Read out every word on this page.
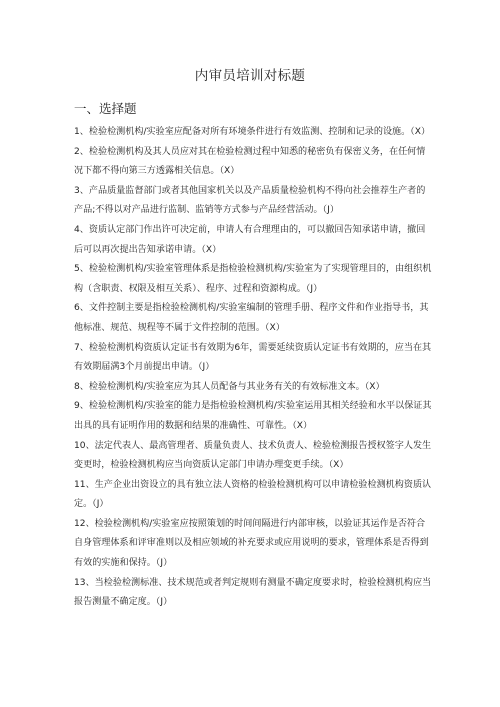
内审员培训对标题
一、选择题
1、检验检测机构/实验室应配备对所有环境条件进行有效监测、控制和记录的设施。（X）
2、检验检测机构及其人员应对其在检验检测过程中知悉的秘密负有保密义务，在任何情况下都不得向第三方透露相关信息。（X）
3、产品质量监督部门或者其他国家机关以及产品质量检验机构不得向社会推荐生产者的产品;不得以对产品进行监制、监销等方式参与产品经营活动。（J）
4、资质认定部门作出许可决定前，申请人有合理理由的，可以撤回告知承诺申请，撤回后可以再次提出告知承诺申请。（X）
5、检验检测机构/实验室管理体系是指检验检测机构/实验室为了实现管理目的，由组织机构（含职责、权限及相互关系）、程序、过程和资源构成。（J）
6、文件控制主要是指检验检测机构/实验室编制的管理手册、程序文件和作业指导书，其他标准、规范、规程等不属于文件控制的范围。（X）
7、检验检测机构资质认定证书有效期为6年，需要延续资质认定证书有效期的，应当在其有效期届满3个月前提出申请。（J）
8、检验检测机构/实验室应为其人员配备与其业务有关的有效标准文本。（X）
9、检验检测机构/实验室的能力是指检验检测机构/实验室运用其相关经验和水平以保证其出具的具有证明作用的数据和结果的准确性、可靠性。（X）
10、法定代表人、最高管理者、质量负责人、技术负责人、检验检测报告授权签字人发生变更时，检验检测机构应当向资质认定部门申请办理变更手续。（X）
11、生产企业出资设立的具有独立法人资格的检验检测机构可以申请检验检测机构资质认定。（J）
12、检验检测机构/实验室应按照策划的时间间隔进行内部审核，以验证其运作是否符合自身管理体系和评审准则以及相应领域的补充要求或应用说明的要求，管理体系是否得到有效的实施和保持。（J）
13、当检验检测标准、技术规范或者判定规则有测量不确定度要求时，检验检测机构应当报告测量不确定度。（J）
